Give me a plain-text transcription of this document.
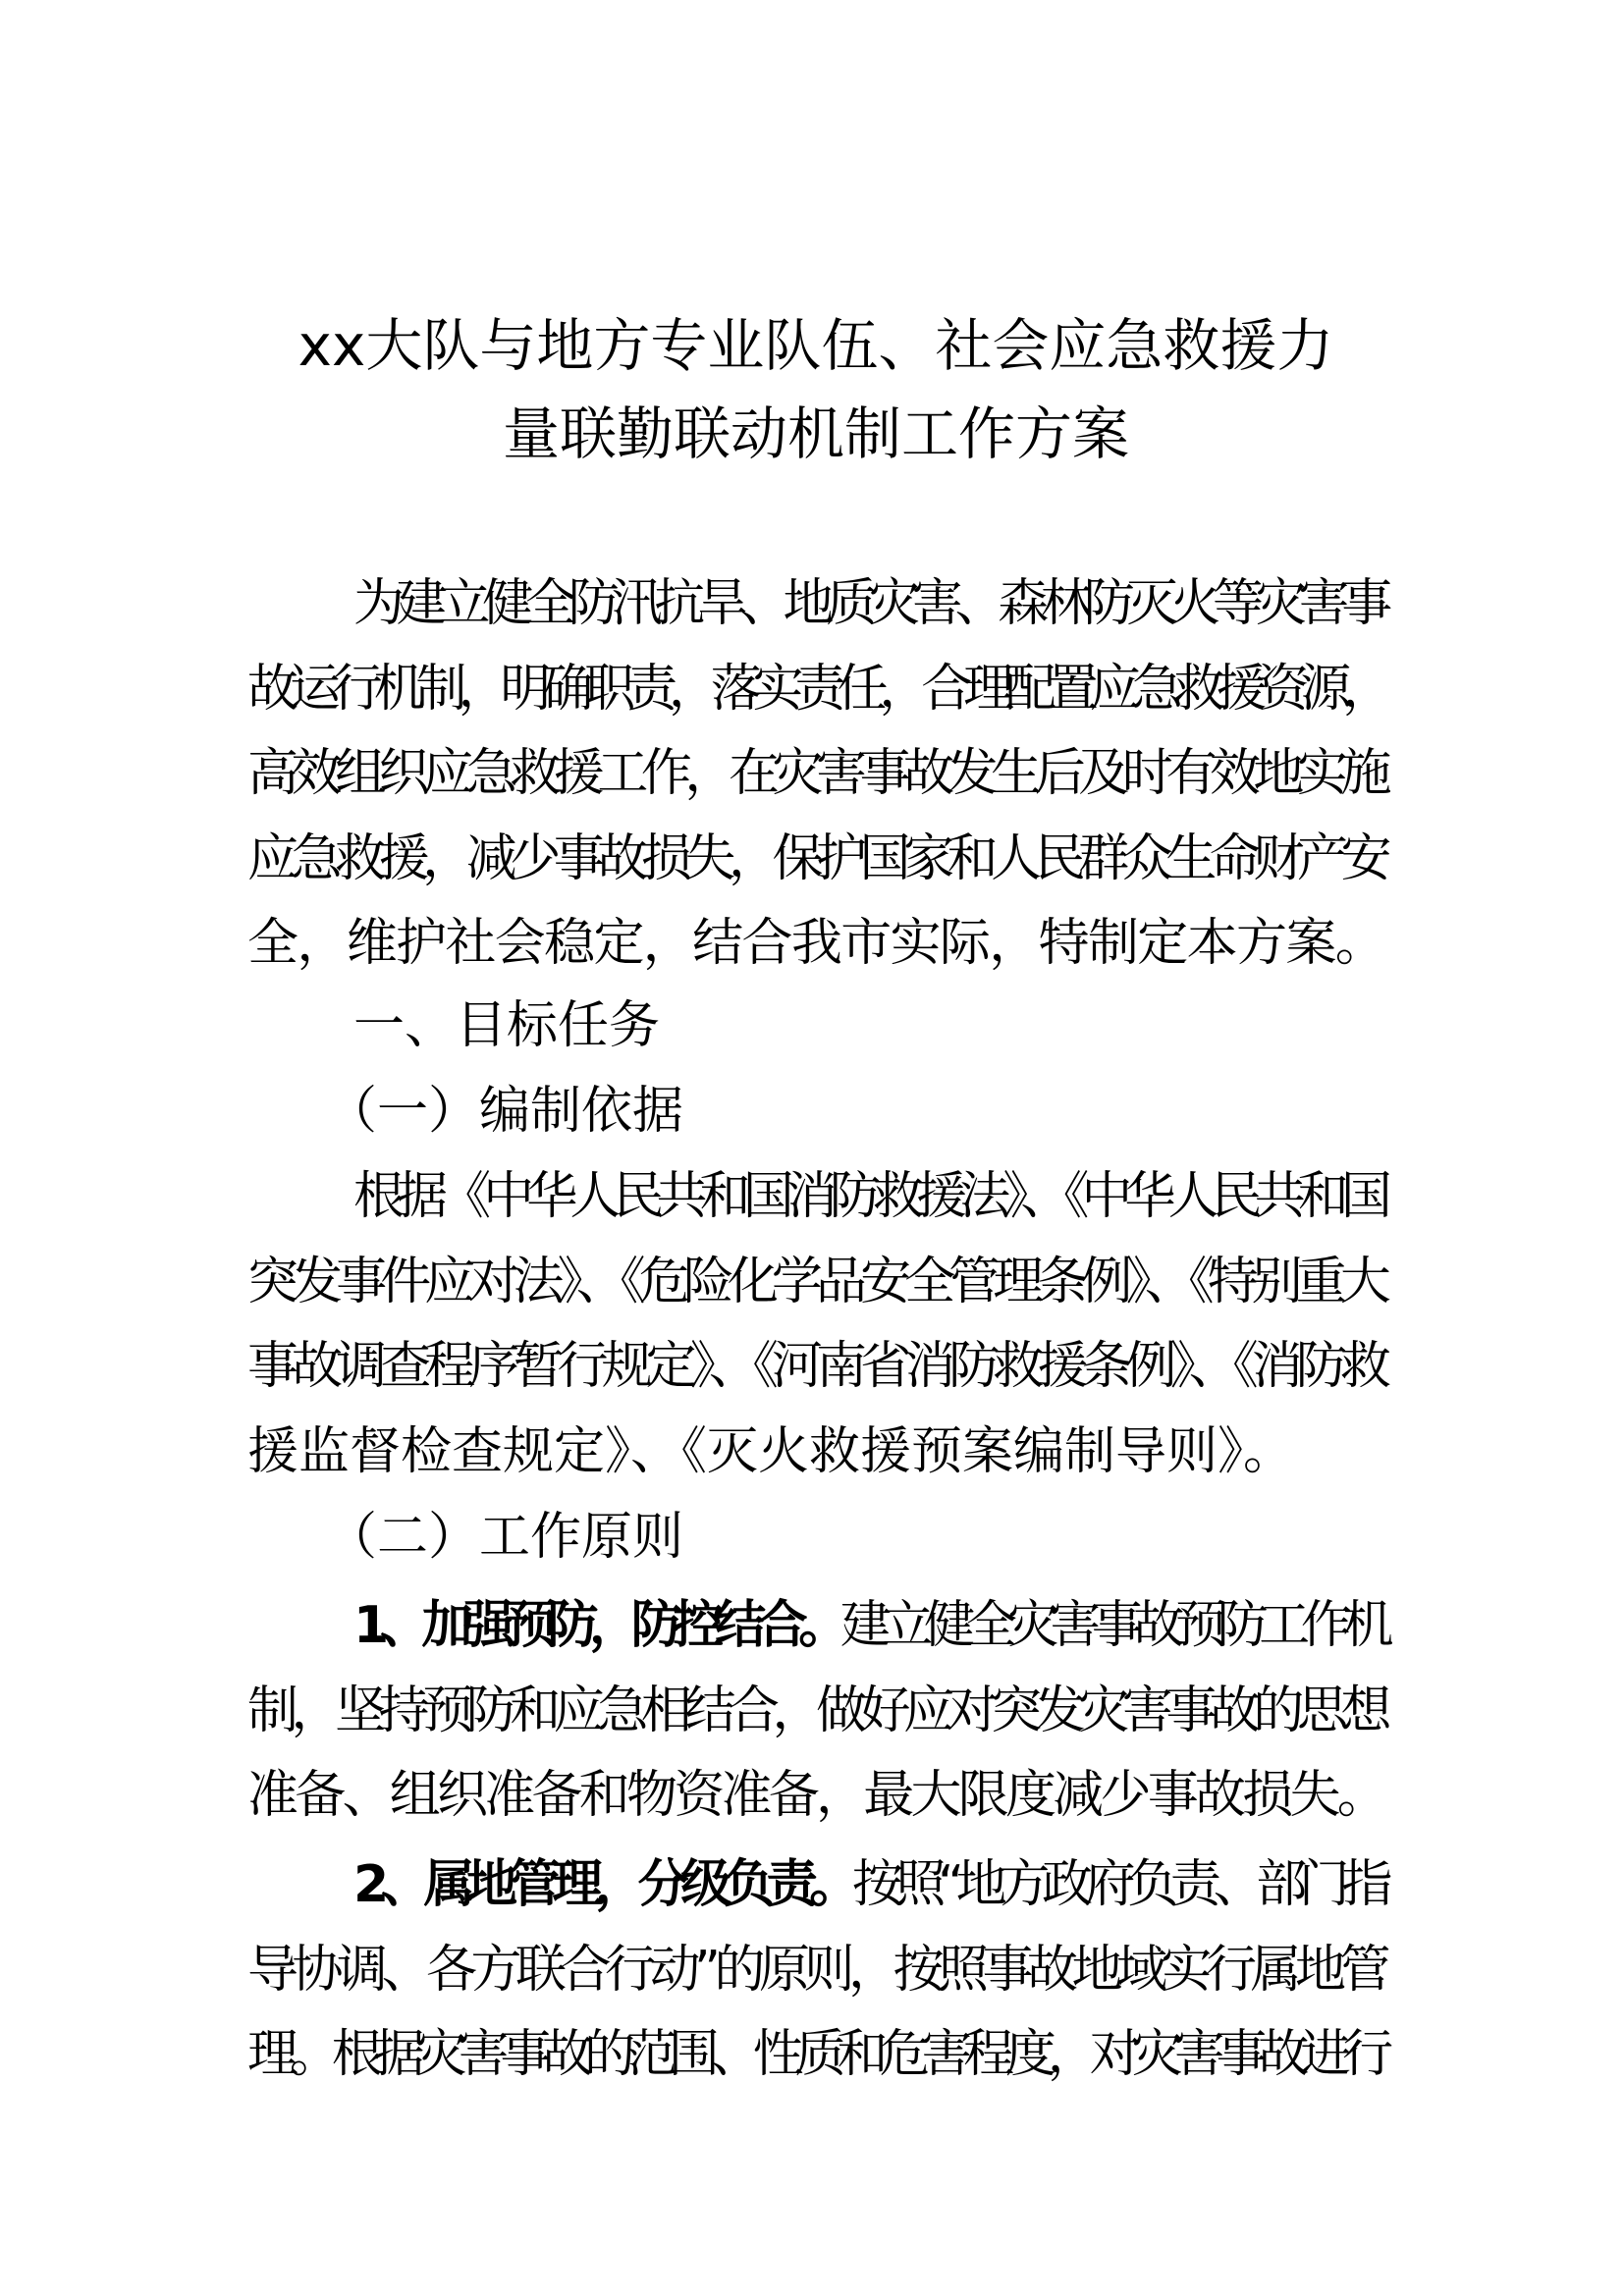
xx大队与地方专业队伍、社会应急救援力
量联勤联动机制工作方案
为建立健全防汛抗旱、地质灾害、森林防灭火等灾害事
故运行机制，明确职责，落实责任，合理配置应急救援资源，
高效组织应急救援工作，在灾害事故发生后及时有效地实施
应急救援，减少事故损失，保护国家和人民群众生命财产安
全，维护社会稳定，结合我市实际，特制定本方案。
一、目标任务
（一）编制依据
根据《中华人民共和国消防救援法》、《中华人民共和国
突发事件应对法》、《危险化学品安全管理条例》、《特别重大
事故调查程序暂行规定》、《河南省消防救援条例》、《消防救
援监督检查规定》、《灭火救援预案编制导则》。
（二）工作原则
1、加强预防，防控结合。建立健全灾害事故预防工作机
制，坚持预防和应急相结合，做好应对突发灾害事故的思想
准备、组织准备和物资准备，最大限度减少事故损失。
2、属地管理，分级负责。按照“地方政府负责、部门指
导协调、各方联合行动”的原则，按照事故地域实行属地管
理。根据灾害事故的范围、性质和危害程度，对灾害事故进行
